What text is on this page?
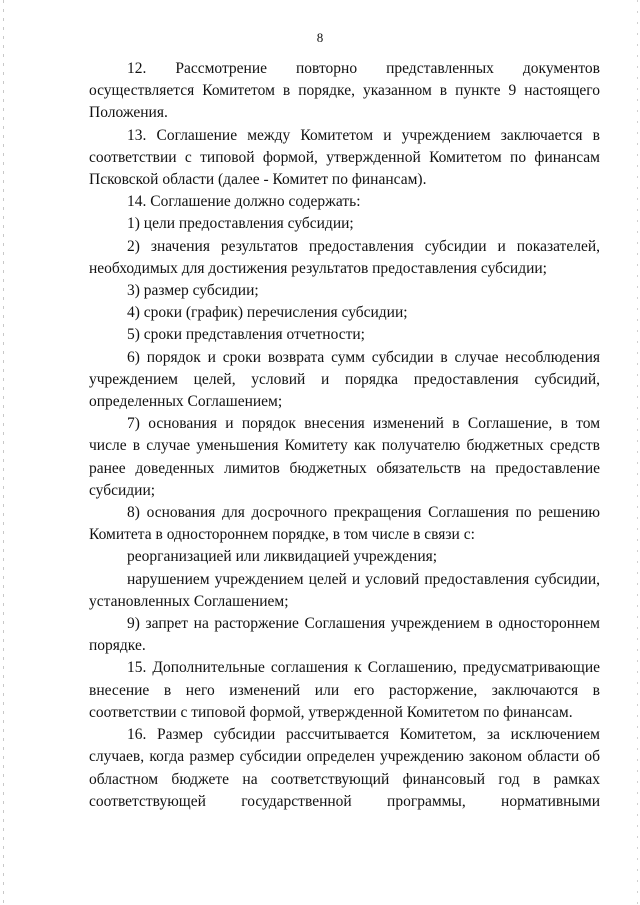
8

12. Рассмотрение повторно представленных документов осуществляется Комитетом в порядке, указанном в пункте 9 настоящего Положения.

13. Соглашение между Комитетом и учреждением заключается в соответствии с типовой формой, утвержденной Комитетом по финансам Псковской области (далее - Комитет по финансам).

14. Соглашение должно содержать:

1) цели предоставления субсидии;

2) значения результатов предоставления субсидии и показателей, необходимых для достижения результатов предоставления субсидии;

3) размер субсидии;

4) сроки (график) перечисления субсидии;

5) сроки представления отчетности;

6) порядок и сроки возврата сумм субсидии в случае несоблюдения учреждением целей, условий и порядка предоставления субсидий, определенных Соглашением;

7) основания и порядок внесения изменений в Соглашение, в том числе в случае уменьшения Комитету как получателю бюджетных средств ранее доведенных лимитов бюджетных обязательств на предоставление субсидии;

8) основания для досрочного прекращения Соглашения по решению Комитета в одностороннем порядке, в том числе в связи с:

реорганизацией или ликвидацией учреждения;

нарушением учреждением целей и условий предоставления субсидии, установленных Соглашением;

9) запрет на расторжение Соглашения учреждением в одностороннем порядке.

15. Дополнительные соглашения к Соглашению, предусматривающие внесение в него изменений или его расторжение, заключаются в соответствии с типовой формой, утвержденной Комитетом по финансам.

16. Размер субсидии рассчитывается Комитетом, за исключением случаев, когда размер субсидии определен учреждению законом области об областном бюджете на соответствующий финансовый год в рамках соответствующей государственной программы, нормативными
